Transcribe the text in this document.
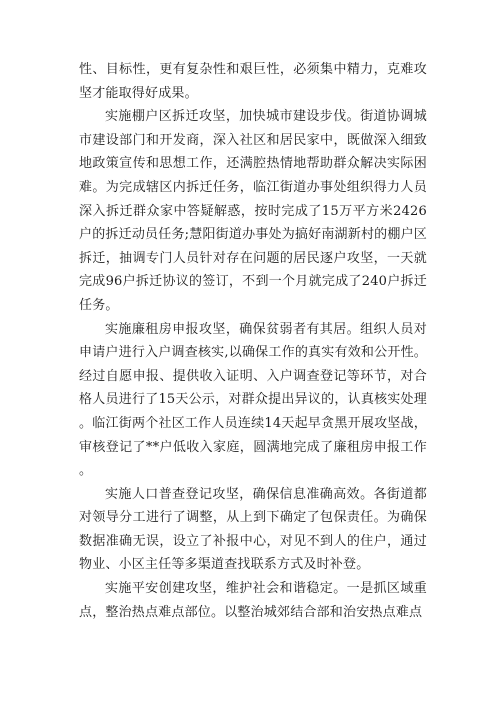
性、目标性，更有复杂性和艰巨性，必须集中精力，克难攻坚才能取得好成果。

实施棚户区拆迁攻坚，加快城市建设步伐。街道协调城市建设部门和开发商，深入社区和居民家中，既做深入细致地政策宣传和思想工作，还满腔热情地帮助群众解决实际困难。为完成辖区内拆迁任务，临江街道办事处组织得力人员深入拆迁群众家中答疑解惑，按时完成了15万平方米2426户的拆迁动员任务;慧阳街道办事处为搞好南湖新村的棚户区拆迁，抽调专门人员针对存在问题的居民逐户攻坚，一天就完成96户拆迁协议的签订，不到一个月就完成了240户拆迁任务。

实施廉租房申报攻坚，确保贫弱者有其居。组织人员对申请户进行入户调查核实,以确保工作的真实有效和公开性。经过自愿申报、提供收入证明、入户调查登记等环节，对合格人员进行了15天公示，对群众提出异议的，认真核实处理。临江街两个社区工作人员连续14天起早贪黑开展攻坚战，审核登记了**户低收入家庭，圆满地完成了廉租房申报工作。

实施人口普查登记攻坚，确保信息准确高效。各街道都对领导分工进行了调整，从上到下确定了包保责任。为确保数据准确无误，设立了补报中心，对见不到人的住户，通过物业、小区主任等多渠道查找联系方式及时补登。

实施平安创建攻坚，维护社会和谐稳定。一是抓区域重点，整治热点难点部位。以整治城郊结合部和治安热点难点
